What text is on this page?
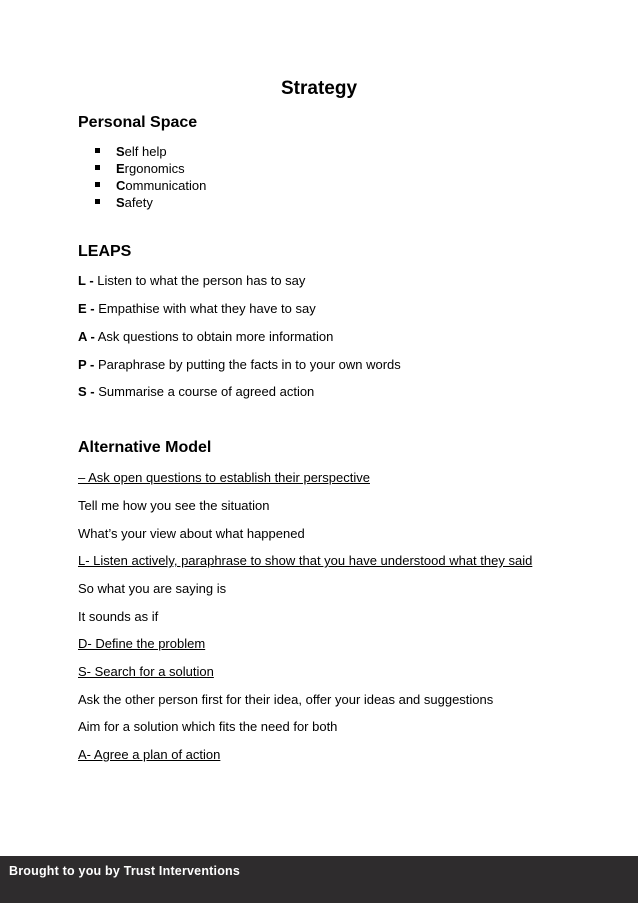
Strategy
Personal Space
Self help
Ergonomics
Communication
Safety
LEAPS
L - Listen to what the person has to say
E - Empathise with what they have to say
A - Ask questions to obtain more information
P - Paraphrase by putting the facts in to your own words
S - Summarise a course of agreed action
Alternative Model
– Ask open questions to establish their perspective
Tell me how you see the situation
What’s your view about what happened
L- Listen actively, paraphrase to show that you have understood what they said
So what you are saying is
It sounds as if
D- Define the problem
S- Search for a solution
Ask the other person first for their idea, offer your ideas and suggestions
Aim for a solution which fits the need for both
A- Agree a plan of action
Brought to you by Trust Interventions
